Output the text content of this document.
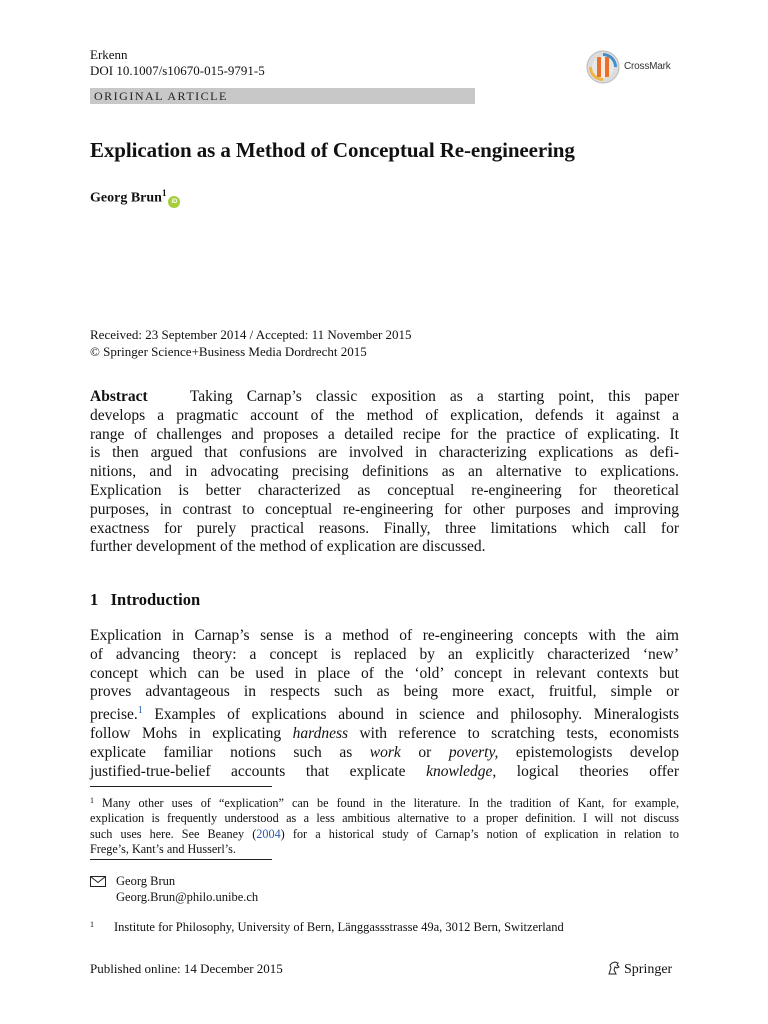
Erkenn
DOI 10.1007/s10670-015-9791-5	CrossMark
ORIGINAL ARTICLE
Explication as a Method of Conceptual Re-engineering
Georg Brun$^1$iD
Received: 23 September 2014 / Accepted: 11 November 2015
© Springer Science+Business Media Dordrecht 2015
Abstract	Taking Carnap’s classic exposition as a starting point, this paper
develops a pragmatic account of the method of explication, defends it against a
range of challenges and proposes a detailed recipe for the practice of explicating. It
is then argued that confusions are involved in characterizing explications as defi-
nitions, and in advocating precising definitions as an alternative to explications.
Explication is better characterized as conceptual re-engineering for theoretical
purposes, in contrast to conceptual re-engineering for other purposes and improving
exactness for purely practical reasons. Finally, three limitations which call for
further development of the method of explication are discussed.
1 Introduction
Explication in Carnap’s sense is a method of re-engineering concepts with the aim
of advancing theory: a concept is replaced by an explicitly characterized ‘new’
concept which can be used in place of the ‘old’ concept in relevant contexts but
proves advantageous in respects such as being more exact, fruitful, simple or
precise.$^1$ Examples of explications abound in science and philosophy. Mineralogists
follow Mohs in explicating hardness with reference to scratching tests, economists
explicate familiar notions such as work or poverty, epistemologists develop
justified-true-belief accounts that explicate knowledge, logical theories offer
$^1$ Many other uses of “explication” can be found in the literature. In the tradition of Kant, for example,
explication is frequently understood as a less ambitious alternative to a proper definition. I will not discuss
such uses here. See Beaney (2004) for a historical study of Carnap’s notion of explication in relation to
Frege’s, Kant’s and Husserl’s.
Georg Brun
Georg.Brun@philo.unibe.ch
1 Institute for Philosophy, University of Bern, Länggassstrasse 49a, 3012 Bern, Switzerland
Published online: 14 December 2015	Springer
